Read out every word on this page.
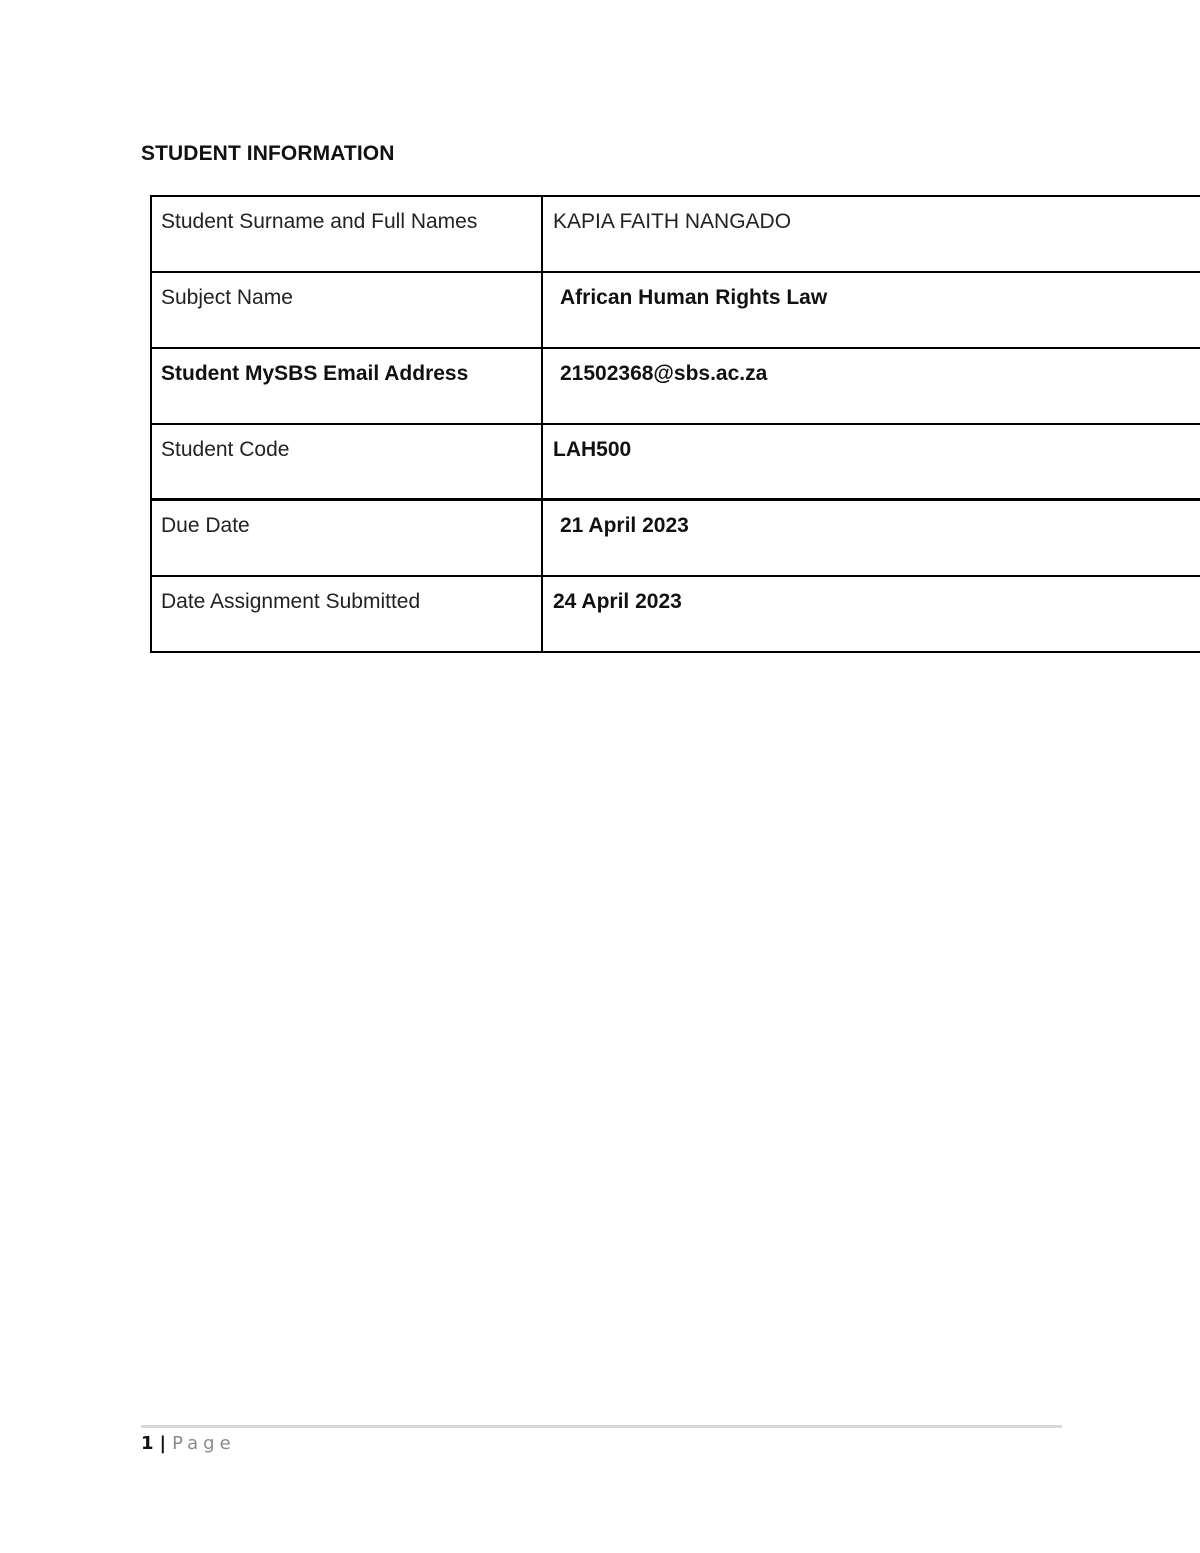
STUDENT INFORMATION
Student Surname and Full Names	KAPIA FAITH NANGADO
Subject Name	African Human Rights Law
Student MySBS Email Address	21502368@sbs.ac.za
Student Code	LAH500
Due Date	21 April 2023
Date Assignment Submitted	24 April 2023
1 | Page
